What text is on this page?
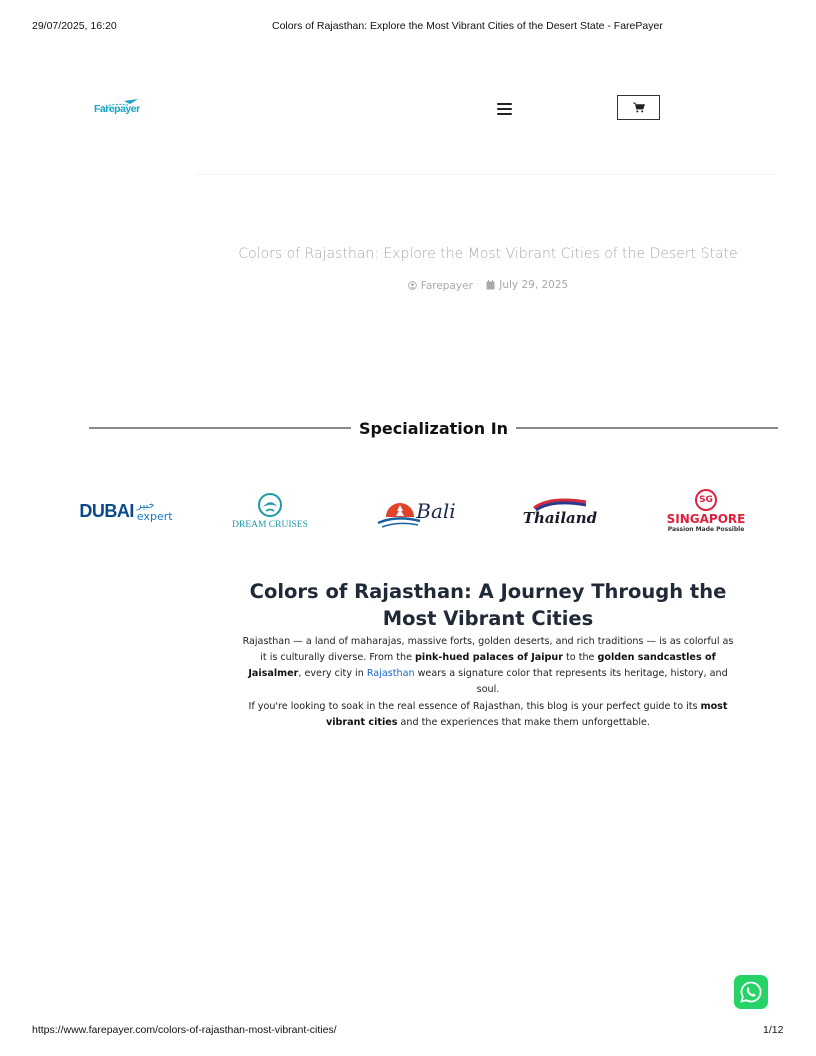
29/07/2025, 16:20	Colors of Rajasthan: Explore the Most Vibrant Cities of the Desert State - FarePayer
Farepayer
Colors of Rajasthan: Explore the Most Vibrant Cities of the Desert State
Farepayer
	July 29, 2025
Specialization In
DUBAI خبير
expert
DREAM CRUISES
Bali	Thailand
SG
SINGAPORE
Passion Made Possible
Colors of Rajasthan: A Journey Through the Most Vibrant Cities
Rajasthan — a land of maharajas, massive forts, golden deserts, and rich traditions — is as colorful as it is culturally diverse. From the pink-hued palaces of Jaipur to the golden sandcastles of Jaisalmer, every city in Rajasthan wears a signature color that represents its heritage, history, and soul.
If you're looking to soak in the real essence of Rajasthan, this blog is your perfect guide to its most vibrant cities and the experiences that make them unforgettable.
https://www.farepayer.com/colors-of-rajasthan-most-vibrant-cities/	1/12
